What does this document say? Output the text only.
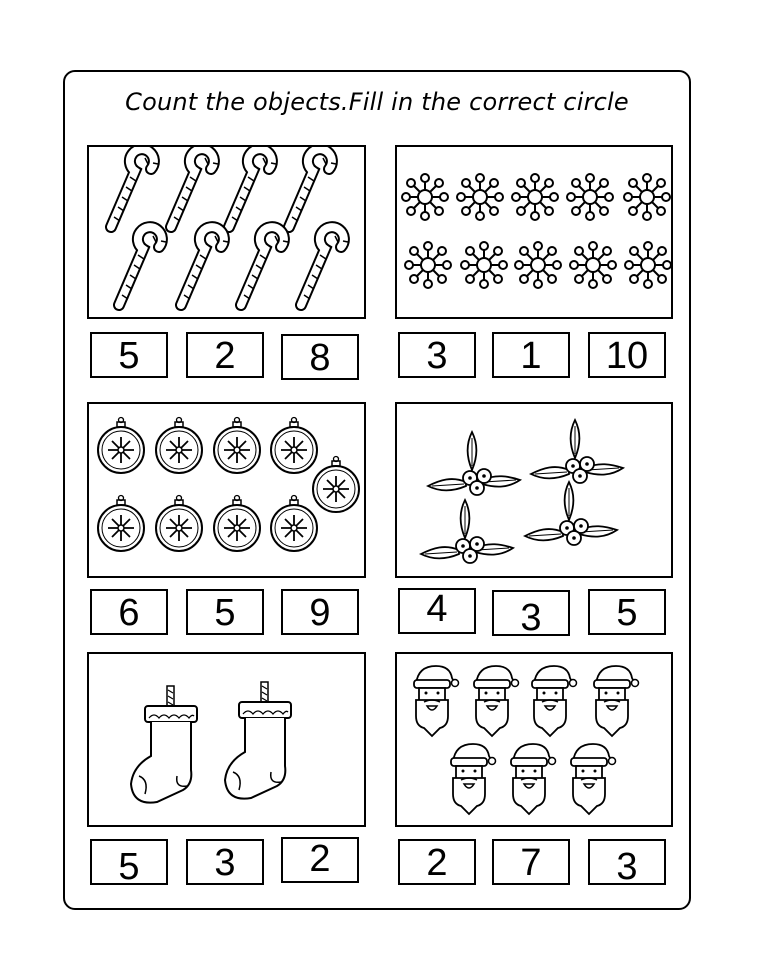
Count the objects.Fill in the correct circle
5	2	8	3	1	10
6	5	9	4	3	5
5	3	2	2	7	3
